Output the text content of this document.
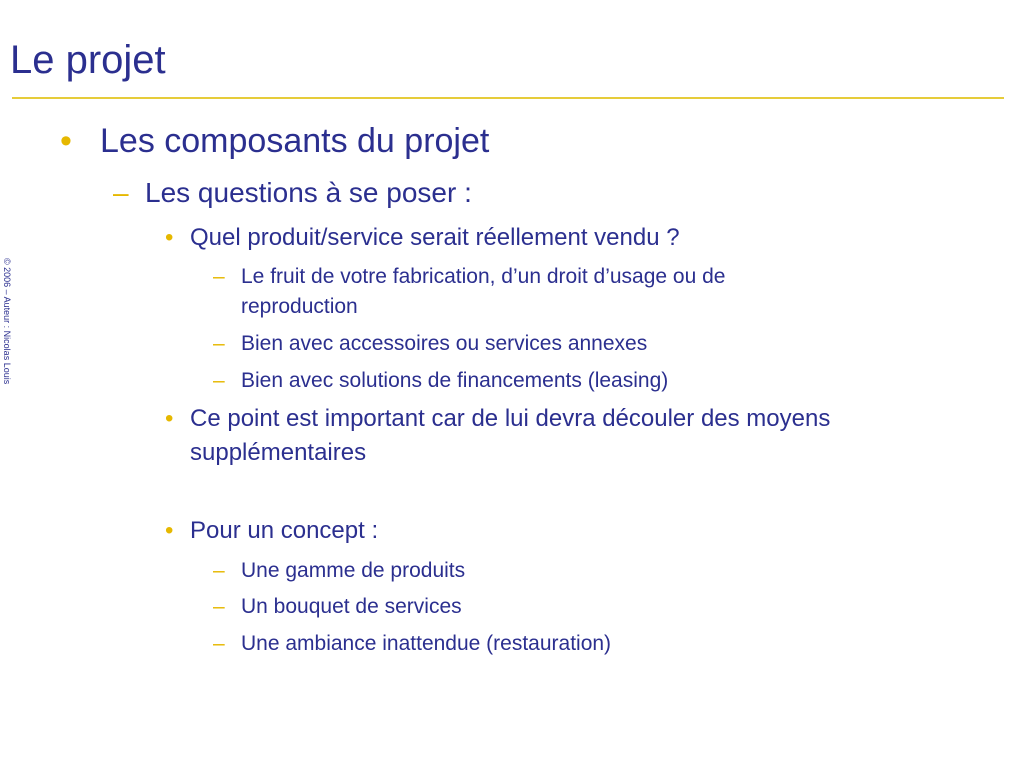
Le projet
© 2006 – Auteur : Nicolas Louis
• Les composants du projet
– Les questions à se poser :
• Quel produit/service serait réellement vendu ?
– Le fruit de votre fabrication, d’un droit d’usage ou de
reproduction
– Bien avec accessoires ou services annexes
– Bien avec solutions de financements (leasing)
• Ce point est important car de lui devra découler des moyens
supplémentaires
• Pour un concept :
– Une gamme de produits
– Un bouquet de services
– Une ambiance inattendue (restauration)
